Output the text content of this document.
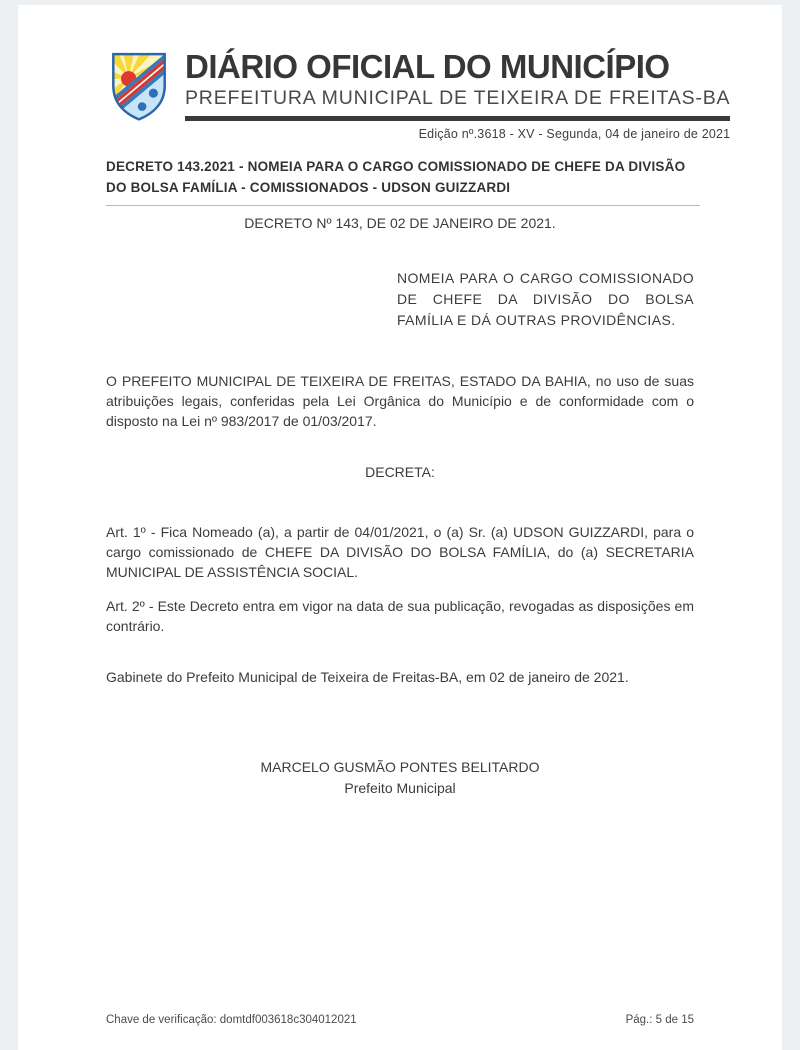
DIÁRIO OFICIAL DO MUNICÍPIO
PREFEITURA MUNICIPAL DE TEIXEIRA DE FREITAS-BA
Edição nº.3618 - XV - Segunda, 04 de janeiro de 2021
DECRETO 143.2021 - NOMEIA PARA O CARGO COMISSIONADO DE CHEFE DA DIVISÃO DO BOLSA FAMÍLIA - COMISSIONADOS - UDSON GUIZZARDI

DECRETO Nº 143, DE 02 DE JANEIRO DE 2021.

NOMEIA PARA O CARGO COMISSIONADO DE CHEFE DA DIVISÃO DO BOLSA FAMÍLIA E DÁ OUTRAS PROVIDÊNCIAS.

O PREFEITO MUNICIPAL DE TEIXEIRA DE FREITAS, ESTADO DA BAHIA, no uso de suas atribuições legais, conferidas pela Lei Orgânica do Município e de conformidade com o disposto na Lei nº 983/2017 de 01/03/2017.

DECRETA:

Art. 1º - Fica Nomeado (a), a partir de 04/01/2021, o (a) Sr. (a) UDSON GUIZZARDI, para o cargo comissionado de CHEFE DA DIVISÃO DO BOLSA FAMÍLIA, do (a) SECRETARIA MUNICIPAL DE ASSISTÊNCIA SOCIAL.

Art. 2º - Este Decreto entra em vigor na data de sua publicação, revogadas as disposições em contrário.

Gabinete do Prefeito Municipal de Teixeira de Freitas-BA, em 02 de janeiro de 2021.

MARCELO GUSMÃO PONTES BELITARDO
Prefeito Municipal
Chave de verificação: domtdf003618c304012021	Pág.: 5 de 15
